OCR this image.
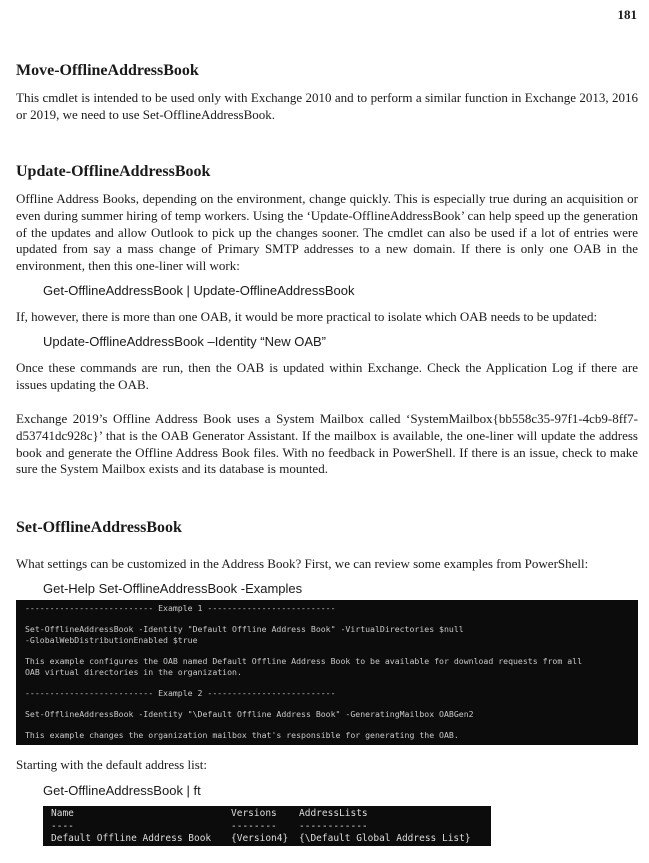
181
Move-OfflineAddressBook

This cmdlet is intended to be used only with Exchange 2010 and to perform a similar function in Exchange 2013, 2016 or 2019, we need to use Set-OfflineAddressBook.

Update-OfflineAddressBook

Offline Address Books, depending on the environment, change quickly. This is especially true during an acquisition or even during summer hiring of temp workers. Using the ‘Update-OfflineAddressBook’ can help speed up the generation of the updates and allow Outlook to pick up the changes sooner. The cmdlet can also be used if a lot of entries were updated from say a mass change of Primary SMTP addresses to a new domain. If there is only one OAB in the environment, then this one-liner will work:

Get-OfflineAddressBook | Update-OfflineAddressBook

If, however, there is more than one OAB, it would be more practical to isolate which OAB needs to be updated:

Update-OfflineAddressBook –Identity “New OAB”

Once these commands are run, then the OAB is updated within Exchange. Check the Application Log if there are issues updating the OAB.

Exchange 2019’s Offline Address Book uses a System Mailbox called ‘SystemMailbox{bb558c35-97f1-4cb9-8ff7-d53741dc928c}’ that is the OAB Generator Assistant. If the mailbox is available, the one-liner will update the address book and generate the Offline Address Book files. With no feedback in PowerShell. If there is an issue, check to make sure the System Mailbox exists and its database is mounted.

Set-OfflineAddressBook

What settings can be customized in the Address Book? First, we can review some examples from PowerShell:

Get-Help Set-OfflineAddressBook -Examples

-------------------------- Example 1 --------------------------
Set-OfflineAddressBook -Identity "Default Offline Address Book" -VirtualDirectories $null
-GlobalWebDistributionEnabled $true
This example configures the OAB named Default Offline Address Book to be available for download requests from all
OAB virtual directories in the organization.
-------------------------- Example 2 --------------------------
Set-OfflineAddressBook -Identity "\Default Offline Address Book" -GeneratingMailbox OABGen2
This example changes the organization mailbox that's responsible for generating the OAB.

Starting with the default address list:

Get-OfflineAddressBook | ft

Name	Versions AddressLists
----	-------- ------------
Default Offline Address Book {Version4} {\Default Global Address List}
